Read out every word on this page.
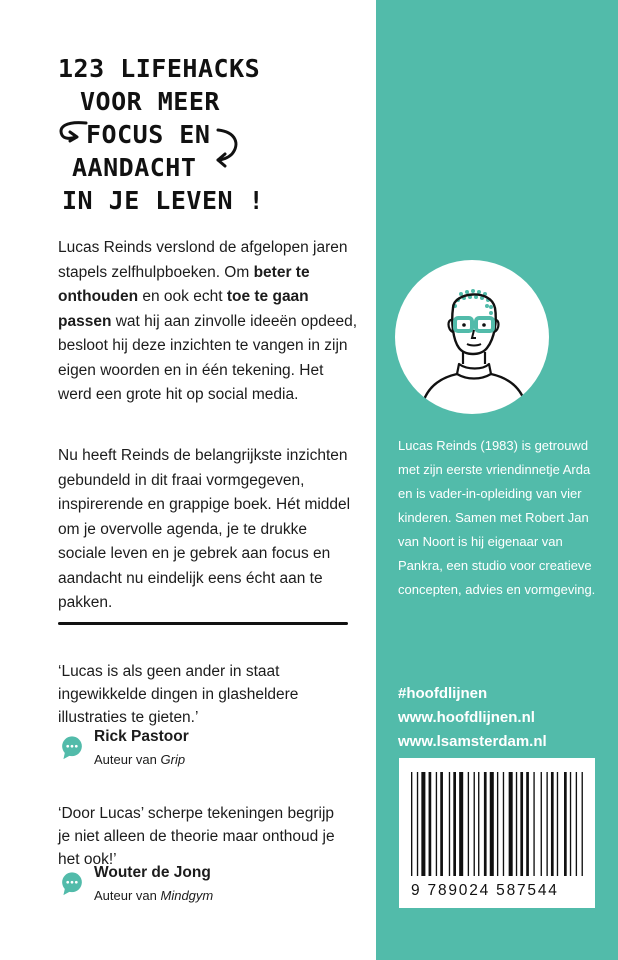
123 LIFEHACKS
VOOR MEER
FOCUS EN
AANDACHT
IN JE LEVEN !
Lucas Reinds verslond de afgelopen jaren stapels zelfhulpboeken. Om beter te onthouden en ook echt toe te gaan passen wat hij aan zinvolle ideeën opdeed, besloot hij deze inzichten te vangen in zijn eigen woorden en in één tekening. Het werd een grote hit op social media.
Nu heeft Reinds de belangrijkste inzichten gebundeld in dit fraai vormgegeven, inspirerende en grappige boek. Hét middel om je overvolle agenda, je te drukke sociale leven en je gebrek aan focus en aandacht nu eindelijk eens écht aan te pakken.
‘Lucas is als geen ander in staat ingewikkelde dingen in glasheldere illustraties te gieten.’
Rick Pastoor
Auteur van Grip
‘Door Lucas’ scherpe tekeningen begrijp je niet alleen de theorie maar onthoud je het ook!’
Wouter de Jong
Auteur van Mindgym
Lucas Reinds (1983) is getrouwd met zijn eerste vriendinnetje Arda en is vader-in-opleiding van vier kinderen. Samen met Robert Jan van Noort is hij eigenaar van Pankra, een studio voor creatieve concepten, advies en vormgeving.
#hoofdlijnen
www.hoofdlijnen.nl
www.lsamsterdam.nl
9 789024 587544
